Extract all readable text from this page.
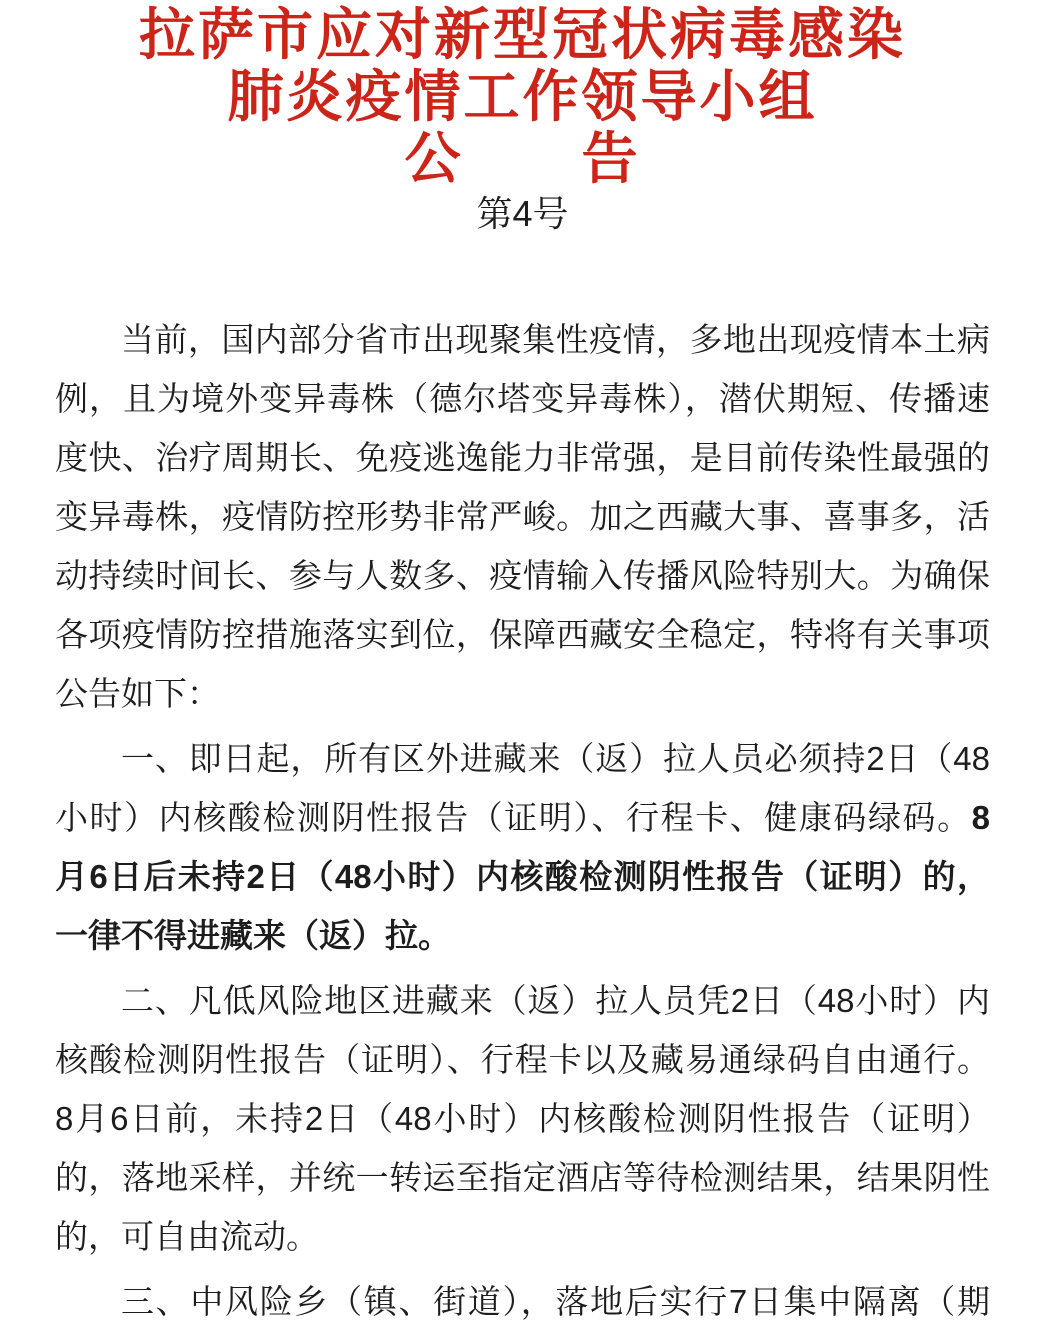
拉萨市应对新型冠状病毒感染
肺炎疫情工作领导小组
公　　告
第4号
当前，国内部分省市出现聚集性疫情，多地出现疫情本土病
例，且为境外变异毒株（德尔塔变异毒株），潜伏期短、传播速
度快、治疗周期长、免疫逃逸能力非常强，是目前传染性最强的
变异毒株，疫情防控形势非常严峻。加之西藏大事、喜事多，活
动持续时间长、参与人数多、疫情输入传播风险特别大。为确保
各项疫情防控措施落实到位，保障西藏安全稳定，特将有关事项
公告如下：
一、即日起，所有区外进藏来（返）拉人员必须持2日（48
小时）内核酸检测阴性报告（证明）、行程卡、健康码绿码。8
月6日后未持2日（48小时）内核酸检测阴性报告（证明）的，
一律不得进藏来（返）拉。
二、凡低风险地区进藏来（返）拉人员凭2日（48小时）内
核酸检测阴性报告（证明）、行程卡以及藏易通绿码自由通行。
8月6日前，未持2日（48小时）内核酸检测阴性报告（证明）
的，落地采样，并统一转运至指定酒店等待检测结果，结果阴性
的，可自由流动。
三、中风险乡（镇、街道），落地后实行7日集中隔离（期
